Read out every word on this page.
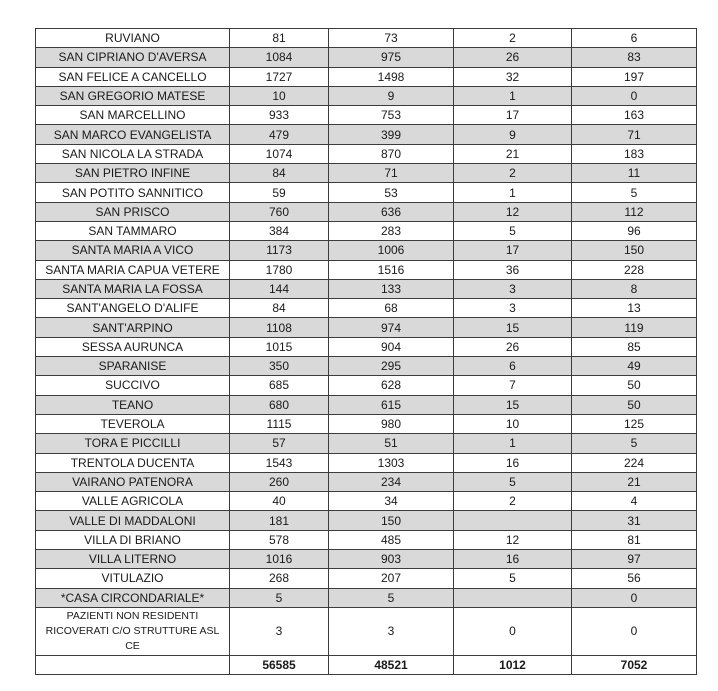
RUVIANO	81	73	2	6
SAN CIPRIANO D'AVERSA	1084	975	26	83
SAN FELICE A CANCELLO	1727	1498	32	197
SAN GREGORIO MATESE	10	9	1	0
SAN MARCELLINO	933	753	17	163
SAN MARCO EVANGELISTA	479	399	9	71
SAN NICOLA LA STRADA	1074	870	21	183
SAN PIETRO INFINE	84	71	2	11
SAN POTITO SANNITICO	59	53	1	5
SAN PRISCO	760	636	12	112
SAN TAMMARO	384	283	5	96
SANTA MARIA A VICO	1173	1006	17	150
SANTA MARIA CAPUA VETERE	1780	1516	36	228
SANTA MARIA LA FOSSA	144	133	3	8
SANT'ANGELO D'ALIFE	84	68	3	13
SANT'ARPINO	1108	974	15	119
SESSA AURUNCA	1015	904	26	85
SPARANISE	350	295	6	49
SUCCIVO	685	628	7	50
TEANO	680	615	15	50
TEVEROLA	1115	980	10	125
TORA E PICCILLI	57	51	1	5
TRENTOLA DUCENTA	1543	1303	16	224
VAIRANO PATENORA	260	234	5	21
VALLE AGRICOLA	40	34	2	4
VALLE DI MADDALONI	181	150		31
VILLA DI BRIANO	578	485	12	81
VILLA LITERNO	1016	903	16	97
VITULAZIO	268	207	5	56
*CASA CIRCONDARIALE*	5	5		0
PAZIENTI NON RESIDENTI RICOVERATI C/O STRUTTURE ASL CE	3	3	0	0
	56585	48521	1012	7052
